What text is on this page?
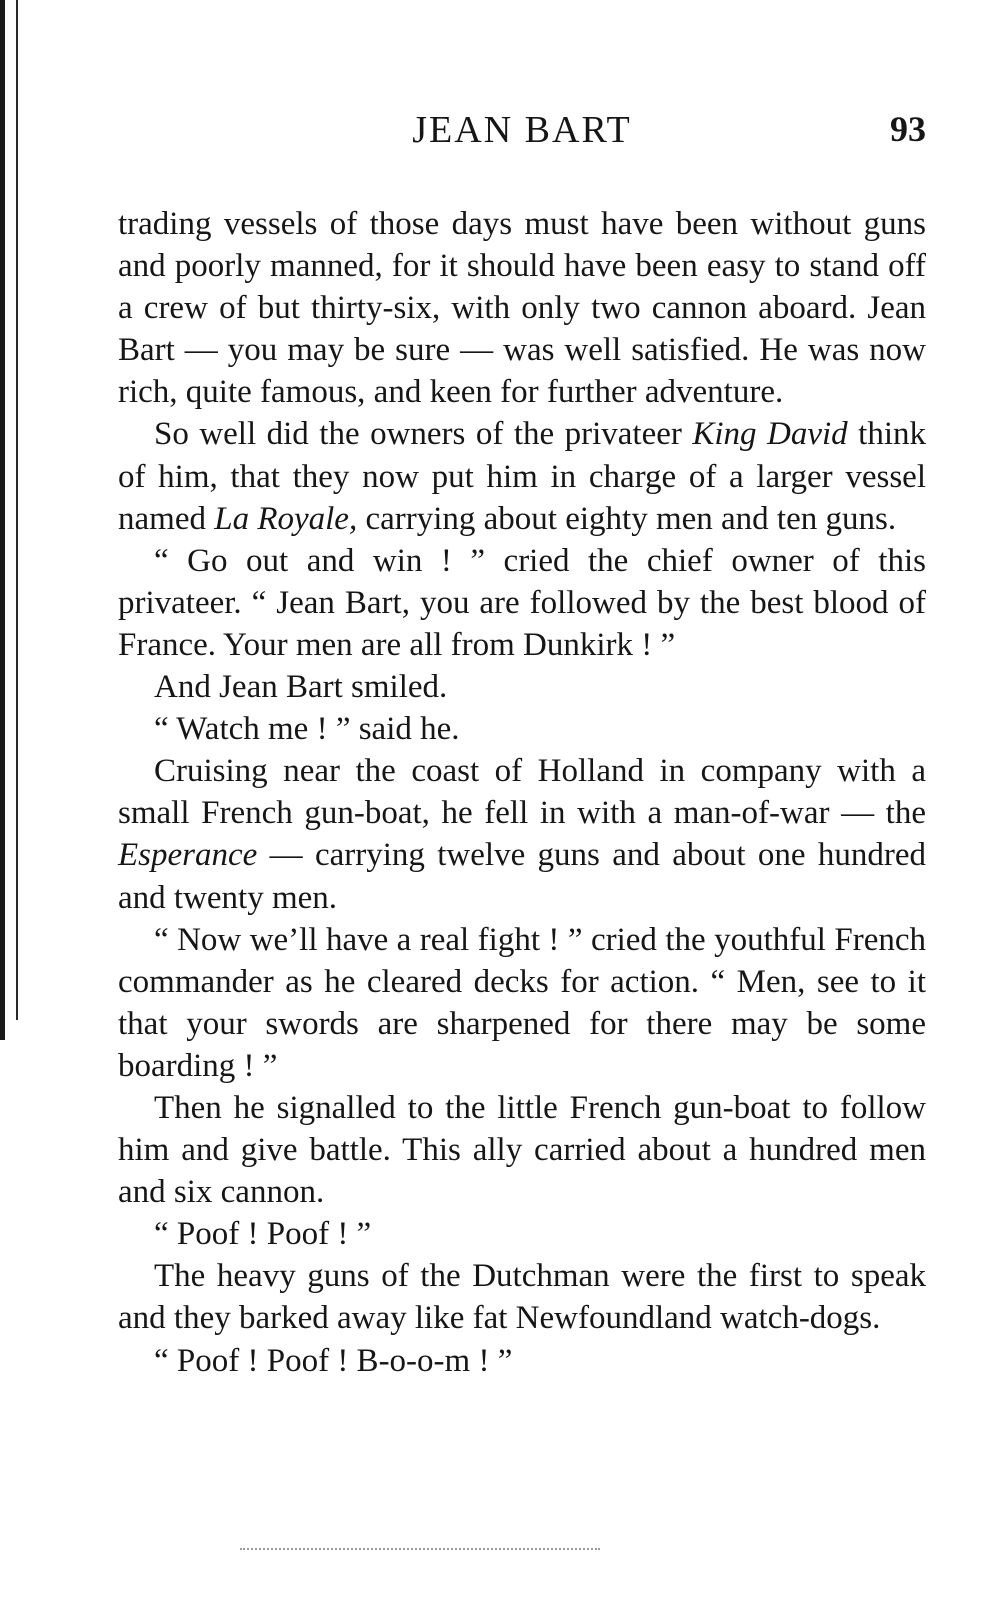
JEAN BART	93

trading vessels of those days must have been without guns and poorly manned, for it should have been easy to stand off a crew of but thirty-six, with only two cannon aboard. Jean Bart — you may be sure — was well satisfied. He was now rich, quite famous, and keen for further adventure.

So well did the owners of the privateer King David think of him, that they now put him in charge of a larger vessel named La Royale, carrying about eighty men and ten guns.

“ Go out and win ! ” cried the chief owner of this privateer. “ Jean Bart, you are followed by the best blood of France. Your men are all from Dunkirk ! ”

And Jean Bart smiled.

“ Watch me ! ” said he.

Cruising near the coast of Holland in company with a small French gun-boat, he fell in with a man-of-war — the Esperance — carrying twelve guns and about one hundred and twenty men.

“ Now we’ll have a real fight ! ” cried the youthful French commander as he cleared decks for action. “ Men, see to it that your swords are sharpened for there may be some boarding ! ”

Then he signalled to the little French gun-boat to follow him and give battle. This ally carried about a hundred men and six cannon.

“ Poof ! Poof ! ”

The heavy guns of the Dutchman were the first to speak and they barked away like fat Newfoundland watch-dogs.

“ Poof ! Poof ! B-o-o-m ! ”
